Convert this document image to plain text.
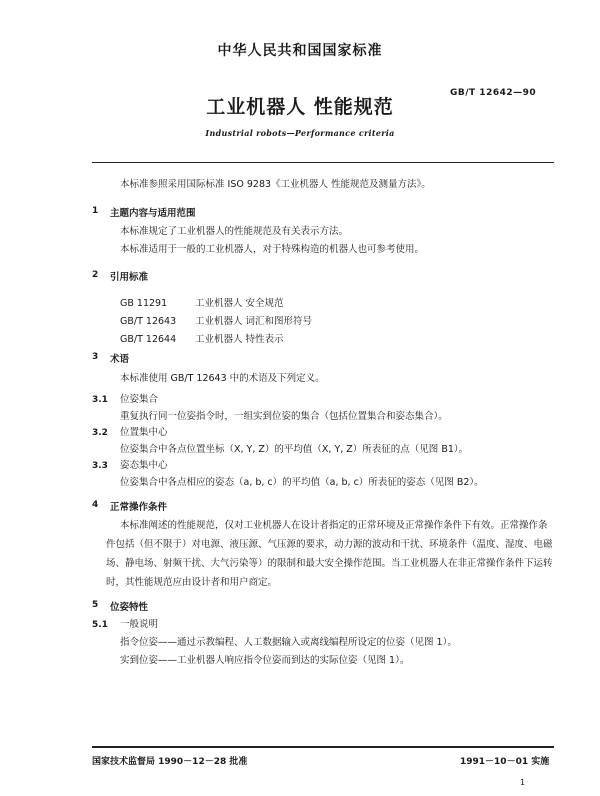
中华人民共和国国家标准
GB/T 12642—90
工业机器人 性能规范
Industrial robots—Performance criteria
本标准参照采用国际标准 ISO 9283《工业机器人 性能规范及测量方法》。
1 主题内容与适用范围
本标准规定了工业机器人的性能规范及有关表示方法。
本标准适用于一般的工业机器人，对于特殊构造的机器人也可参考使用。
2 引用标准
GB 11291	工业机器人 安全规范
GB/T 12643 工业机器人 词汇和图形符号
GB/T 12644 工业机器人 特性表示
3 术语
本标准使用 GB/T 12643 中的术语及下列定义。
3.1 位姿集合
重复执行同一位姿指令时，一组实到位姿的集合（包括位置集合和姿态集合）。
3.2 位置集中心
位姿集合中各点位置坐标（X, Y, Z）的平均值（X, Y, Z）所表征的点（见图 B1）。
3.3 姿态集中心
位姿集合中各点相应的姿态（a, b, c）的平均值（a, b, c）所表征的姿态（见图 B2）。
4 正常操作条件
本标准阐述的性能规范，仅对工业机器人在设计者指定的正常环境及正常操作条件下有效。正常操作条件包括（但不限于）对电源、液压源、气压源的要求，动力源的波动和干扰、环境条件（温度、湿度、电磁场、静电场、射频干扰、大气污染等）的限制和最大安全操作范围。当工业机器人在非正常操作条件下运转时，其性能规范应由设计者和用户商定。
5 位姿特性
5.1 一般说明
指令位姿——通过示教编程、人工数据输入或离线编程所设定的位姿（见图 1）。
实到位姿——工业机器人响应指令位姿而到达的实际位姿（见图 1）。
国家技术监督局 1990－12－28 批准	1991－10－01 实施
1
